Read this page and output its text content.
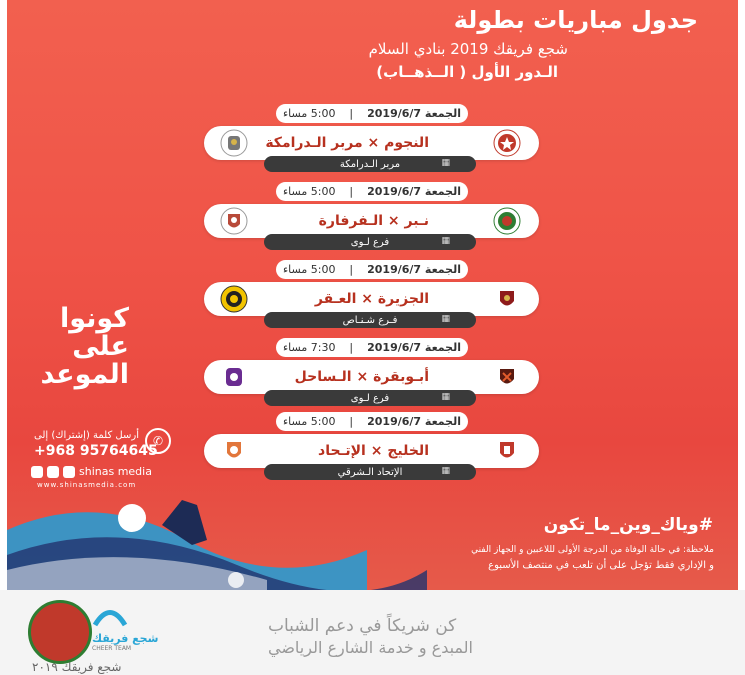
جدول مباريات بطولة
شجع فريقك 2019 بنادي السلام
الـدور الأول ( الــذهــاب)
الجمعة 2019/6/7
|
5:00 مساء
النجوم × مربر الـدرامكة
مربر الـدرامكة	▦
الجمعة 2019/6/7
|
5:00 مساء
نـبر × الـفرفارة
فرع لـوى	▦
الجمعة 2019/6/7
|
5:00 مساء
الجزيرة × العـقر
فـرع شـنـاص	▦
الجمعة 2019/6/7
|
7:30 مساء
أبـوبقرة × الـساحل
فرع لـوى	▦
الجمعة 2019/6/7
|
5:00 مساء
الخليج × الإتـحاد
الإتحاد الـشرقي	▦
كونوا على الموعد
أرسل كلمة (إشتراك) إلى	✆
+968 95764645
shinas media
www.shinasmedia.com
#وياك_وين_ما_تكون
ملاحظة: في حالة الوفاة من الدرجة الأولى لللاعبين و الجهاز الفني
و الإداري فقط تؤجل على أن تلعب في منتصف الأسبوع
كن شريكاً في دعم الشباب
المبدع و خدمة الشارع الرياضي
شجع فريقك
CHEER TEAM
شجع فريقك ٢٠١٩
